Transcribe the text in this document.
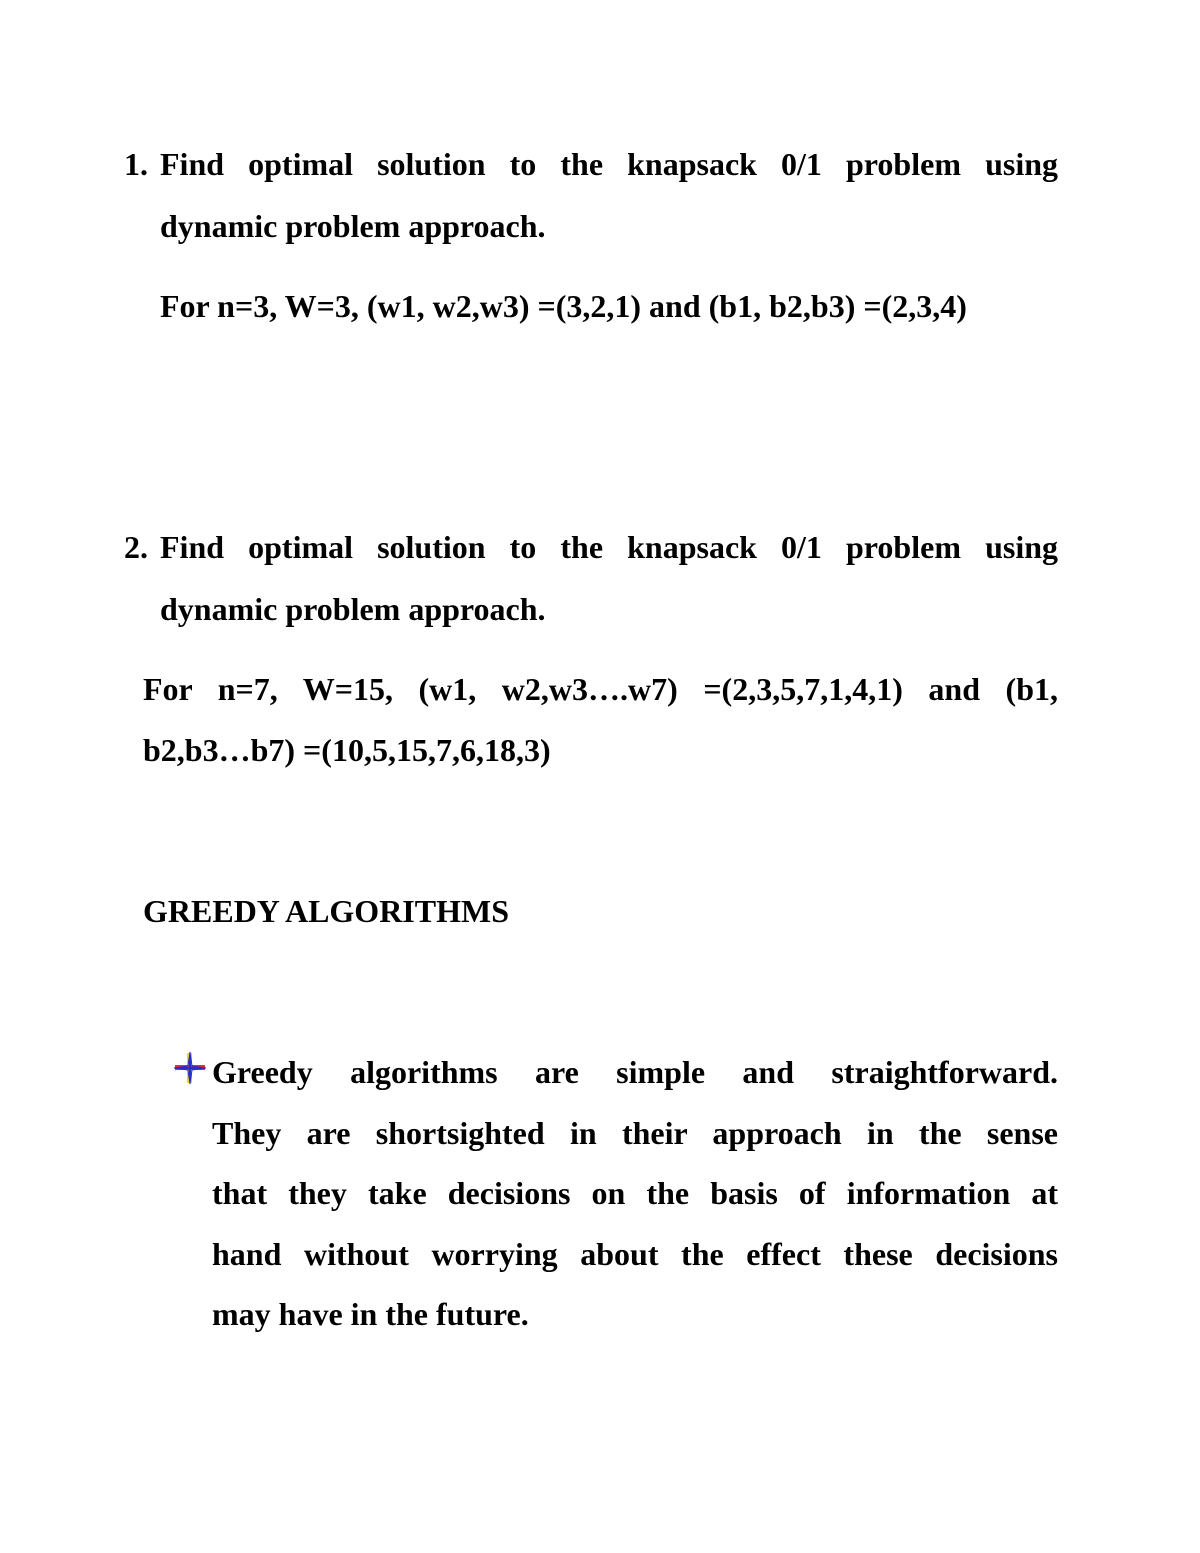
1. Find optimal solution to the knapsack 0/1 problem using
dynamic problem approach.
For n=3, W=3, (w1, w2,w3) =(3,2,1) and (b1, b2,b3) =(2,3,4)
2. Find optimal solution to the knapsack 0/1 problem using
dynamic problem approach.
For n=7, W=15, (w1, w2,w3….w7) =(2,3,5,7,1,4,1) and (b1,
b2,b3…b7) =(10,5,15,7,6,18,3)
GREEDY ALGORITHMS
Greedy algorithms are simple and straightforward.
They are shortsighted in their approach in the sense
that they take decisions on the basis of information at
hand without worrying about the effect these decisions
may have in the future.
